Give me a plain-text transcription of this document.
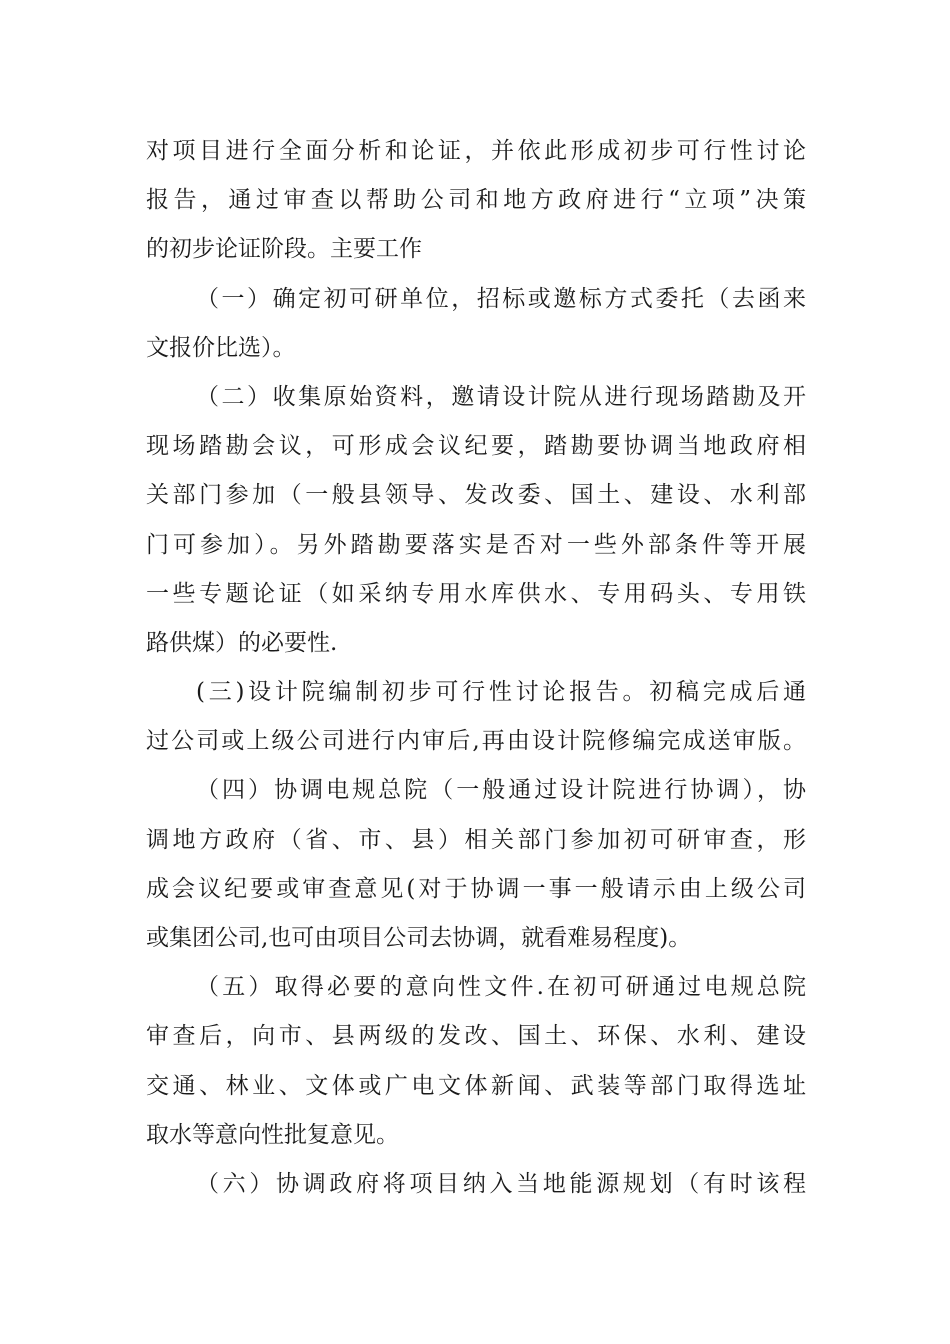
对项目进行全面分析和论证，并依此形成初步可行性讨论
报告，通过审查以帮助公司和地方政府进行“立项”决策
的初步论证阶段。主要工作
（一）确定初可研单位，招标或邀标方式委托（去函来
文报价比选）。
（二）收集原始资料，邀请设计院从进行现场踏勘及开
现场踏勘会议，可形成会议纪要，踏勘要协调当地政府相
关部门参加（一般县领导、发改委、国土、建设、水利部
门可参加）。另外踏勘要落实是否对一些外部条件等开展
一些专题论证（如采纳专用水库供水、专用码头、专用铁
路供煤）的必要性.
(三)设计院编制初步可行性讨论报告。初稿完成后通
过公司或上级公司进行内审后,再由设计院修编完成送审版。
（四）协调电规总院（一般通过设计院进行协调），协
调地方政府（省、市、县）相关部门参加初可研审查，形
成会议纪要或审查意见(对于协调一事一般请示由上级公司
或集团公司,也可由项目公司去协调，就看难易程度)。
（五）取得必要的意向性文件.在初可研通过电规总院
审查后，向市、县两级的发改、国土、环保、水利、建设
交通、林业、文体或广电文体新闻、武装等部门取得选址
取水等意向性批复意见。
（六）协调政府将项目纳入当地能源规划（有时该程
